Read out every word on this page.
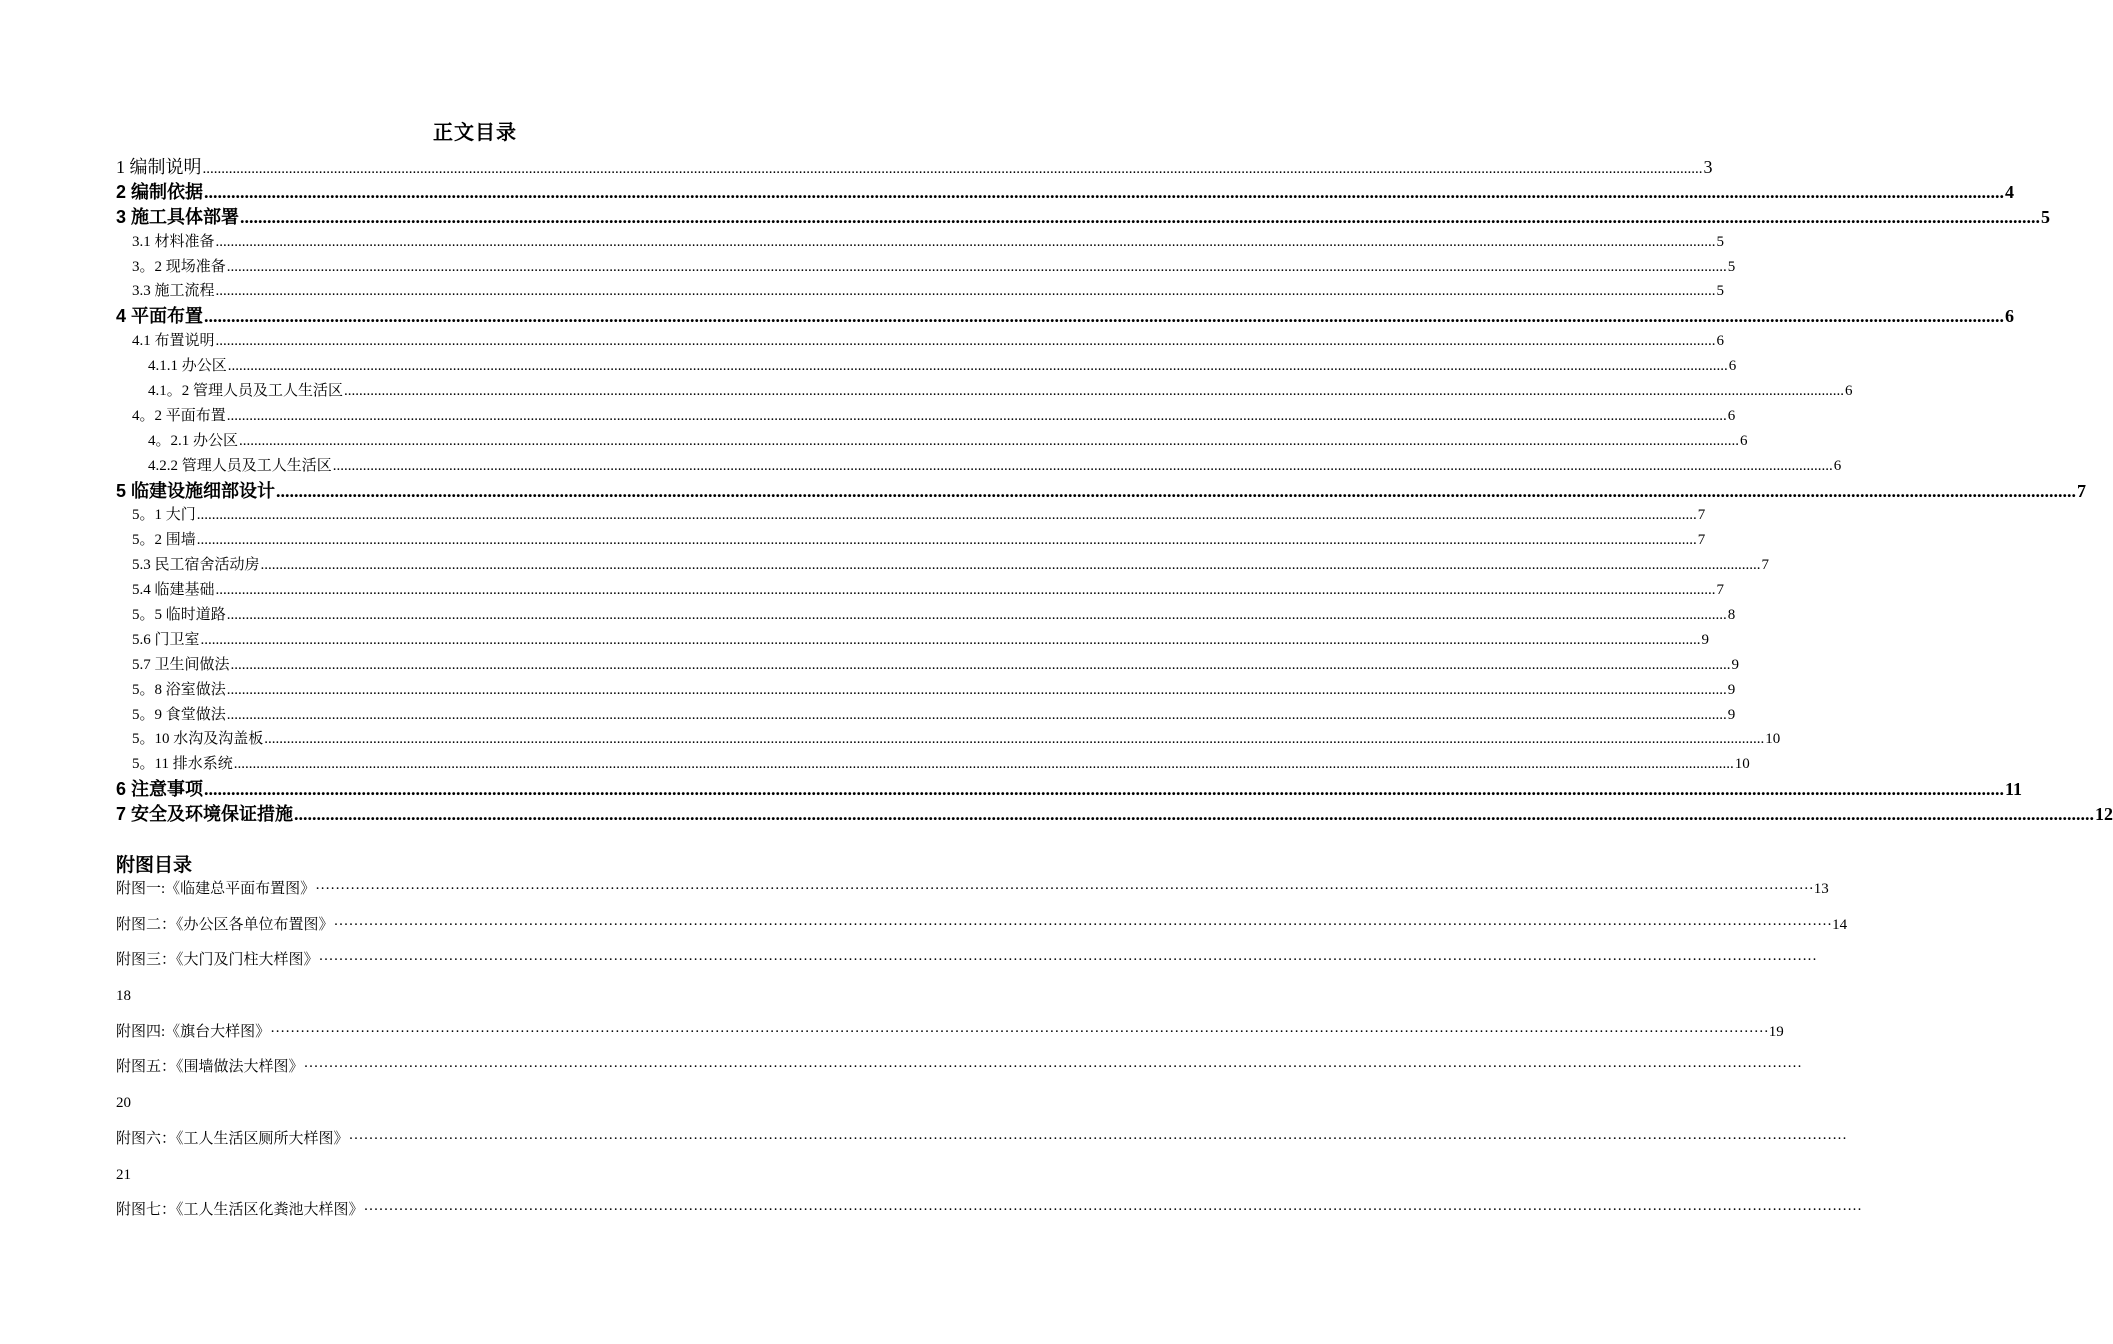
正文目录
1 编制说明 ................................................................................................................................................................................................................................................................................................................................................................................................................ 3
2 编制依据 ................................................................................................................................................................................................................................................................................................................................................................................................................ 4
3 施工具体部署 ................................................................................................................................................................................................................................................................................................................................................................................................................ 5
3.1 材料准备 ................................................................................................................................................................................................................................................................................................................................................................................................................ 5
3。2 现场准备 ................................................................................................................................................................................................................................................................................................................................................................................................................ 5
3.3 施工流程 ................................................................................................................................................................................................................................................................................................................................................................................................................ 5
4 平面布置 ................................................................................................................................................................................................................................................................................................................................................................................................................ 6
4.1 布置说明 ................................................................................................................................................................................................................................................................................................................................................................................................................ 6
4.1.1 办公区 ................................................................................................................................................................................................................................................................................................................................................................................................................ 6
4.1。2 管理人员及工人生活区 ................................................................................................................................................................................................................................................................................................................................................................................................................ 6
4。2 平面布置 ................................................................................................................................................................................................................................................................................................................................................................................................................ 6
4。2.1 办公区 ................................................................................................................................................................................................................................................................................................................................................................................................................ 6
4.2.2 管理人员及工人生活区 ................................................................................................................................................................................................................................................................................................................................................................................................................ 6
5 临建设施细部设计 ................................................................................................................................................................................................................................................................................................................................................................................................................ 7
5。1 大门 ................................................................................................................................................................................................................................................................................................................................................................................................................ 7
5。2 围墙 ................................................................................................................................................................................................................................................................................................................................................................................................................ 7
5.3 民工宿舍活动房 ................................................................................................................................................................................................................................................................................................................................................................................................................ 7
5.4 临建基础 ................................................................................................................................................................................................................................................................................................................................................................................................................ 7
5。5 临时道路 ................................................................................................................................................................................................................................................................................................................................................................................................................ 8
5.6 门卫室 ................................................................................................................................................................................................................................................................................................................................................................................................................ 9
5.7 卫生间做法 ................................................................................................................................................................................................................................................................................................................................................................................................................ 9
5。8 浴室做法 ................................................................................................................................................................................................................................................................................................................................................................................................................ 9
5。9 食堂做法 ................................................................................................................................................................................................................................................................................................................................................................................................................ 9
5。10 水沟及沟盖板 ................................................................................................................................................................................................................................................................................................................................................................................................................ 10
5。11 排水系统 ................................................................................................................................................................................................................................................................................................................................................................................................................ 10
6 注意事项 ................................................................................................................................................................................................................................................................................................................................................................................................................ 11
7 安全及环境保证措施 ................................................................................................................................................................................................................................................................................................................................................................................................................ 12
附图目录
附图一:《临建总平面布置图》 ············································································································································································································································································································ 13
附图二：《办公区各单位布置图》 ············································································································································································································································································································ 14
附图三：《大门及门柱大样图》 ············································································································································································································································································································
18
附图四:《旗台大样图》 ············································································································································································································································································································ 19
附图五：《围墙做法大样图》 ············································································································································································································································································································
20
附图六：《工人生活区厕所大样图》 ············································································································································································································································································································
21
附图七：《工人生活区化粪池大样图》 ············································································································································································································································································································
